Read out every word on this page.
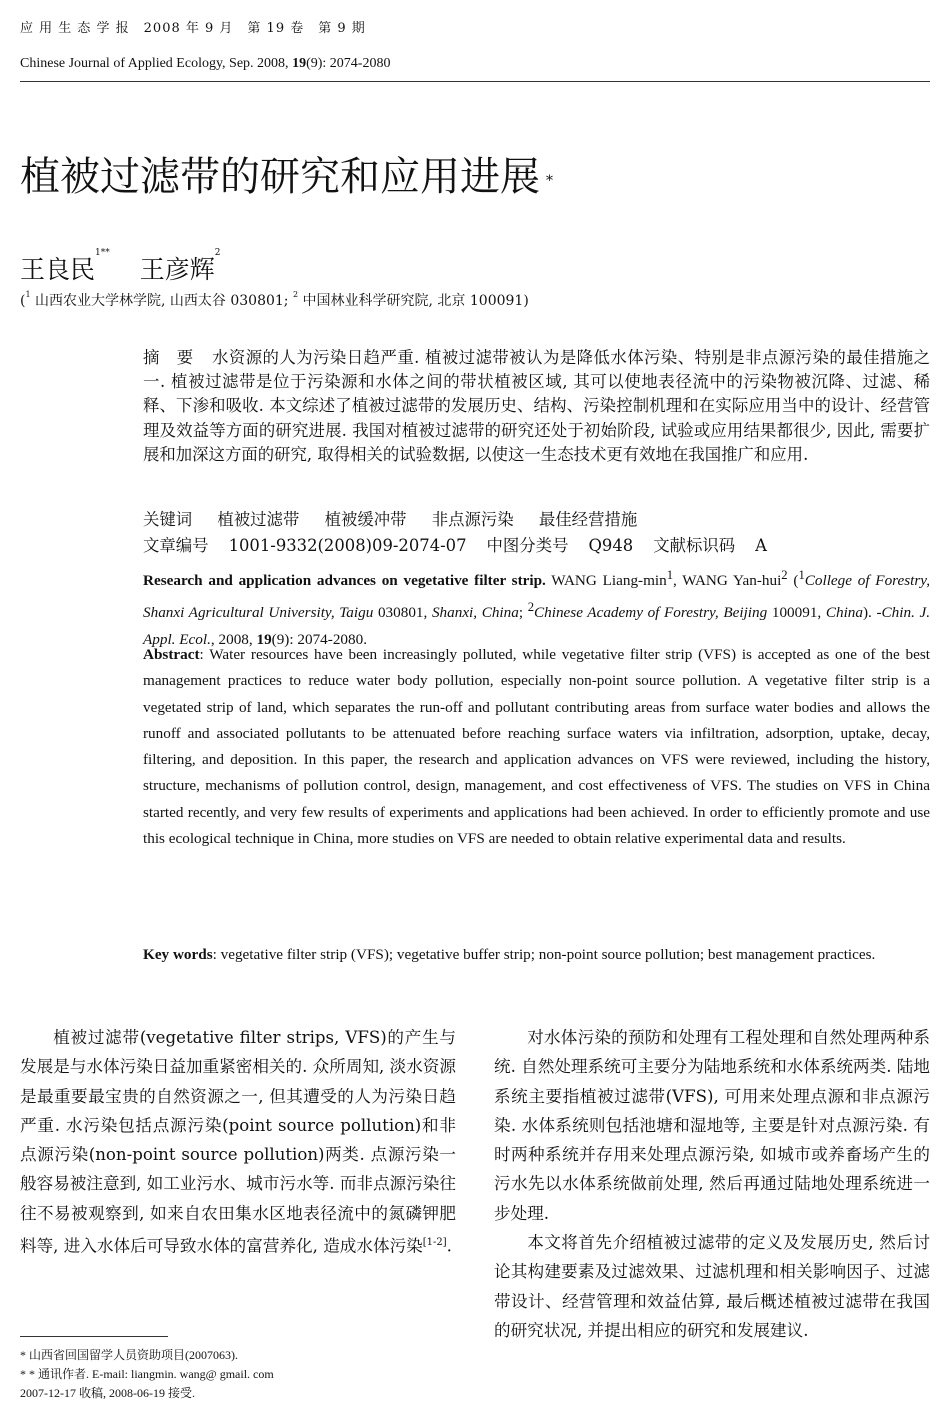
应 用 生 态 学 报　2008 年 9 月　第 19 卷　第 9 期
Chinese Journal of Applied Ecology, Sep. 2008, 19(9): 2074-2080
植被过滤带的研究和应用进展 *
王良民$^{1**}$王彦辉$^2$
($^1$ 山西农业大学林学院, 山西太谷 030801; $^2$ 中国林业科学研究院, 北京 100091)
摘　要 水资源的人为污染日趋严重. 植被过滤带被认为是降低水体污染、特别是非点源污染的最佳措施之一. 植被过滤带是位于污染源和水体之间的带状植被区域, 其可以使地表径流中的污染物被沉降、过滤、稀释、下渗和吸收. 本文综述了植被过滤带的发展历史、结构、污染控制机理和在实际应用当中的设计、经营管理及效益等方面的研究进展. 我国对植被过滤带的研究还处于初始阶段, 试验或应用结果都很少, 因此, 需要扩展和加深这方面的研究, 取得相关的试验数据, 以使这一生态技术更有效地在我国推广和应用.
关键词 植被过滤带 植被缓冲带 非点源污染 最佳经营措施
文章编号 1001-9332(2008)09-2074-07 中图分类号 Q948 文献标识码 A
Research and application advances on vegetative filter strip. WANG Liang-$\min^1$, WANG Yan-hui$^2$ ($^1$College of Forestry, Shanxi Agricultural University, Taigu 030801, Shanxi, China; $^2$Chinese Academy of Forestry, Beijing 100091, China). -Chin. J. Appl. Ecol., 2008, 19(9): 2074-2080.
Abstract: Water resources have been increasingly polluted, while vegetative filter strip (VFS) is accepted as one of the best management practices to reduce water body pollution, especially non-point source pollution. A vegetative filter strip is a vegetated strip of land, which separates the run-off and pollutant contributing areas from surface water bodies and allows the runoff and associated pollutants to be attenuated before reaching surface waters via infiltration, adsorption, uptake, decay, filtering, and deposition. In this paper, the research and application advances on VFS were reviewed, including the history, structure, mechanisms of pollution control, design, management, and cost effectiveness of VFS. The studies on VFS in China started recently, and very few results of experiments and applications had been achieved. In order to efficiently promote and use this ecological technique in China, more studies on VFS are needed to obtain relative experimental data and results.
Key words: vegetative filter strip (VFS); vegetative buffer strip; non-point source pollution; best management practices.

植被过滤带(vegetative filter strips, VFS)的产生与发展是与水体污染日益加重紧密相关的. 众所周知, 淡水资源是最重要最宝贵的自然资源之一, 但其遭受的人为污染日趋严重. 水污染包括点源污染(point source pollution)和非点源污染(non-point source pollution)两类. 点源污染一般容易被注意到, 如工业污水、城市污水等. 而非点源污染往往不易被观察到, 如来自农田集水区地表径流中的氮磷钾肥料等, 进入水体后可导致水体的富营养化, 造成水体污染[1-2].

对水体污染的预防和处理有工程处理和自然处理两种系统. 自然处理系统可主要分为陆地系统和水体系统两类. 陆地系统主要指植被过滤带(VFS), 可用来处理点源和非点源污染. 水体系统则包括池塘和湿地等, 主要是针对点源污染. 有时两种系统并存用来处理点源污染, 如城市或养畜场产生的污水先以水体系统做前处理, 然后再通过陆地处理系统进一步处理.

本文将首先介绍植被过滤带的定义及发展历史, 然后讨论其构建要素及过滤效果、过滤机理和相关影响因子、过滤带设计、经营管理和效益估算, 最后概述植被过滤带在我国的研究状况, 并提出相应的研究和发展建议.

* 山西省回国留学人员资助项目(2007063).
* * 通讯作者. E-mail: liangmin. wang@ gmail. com
2007-12-17 收稿, 2008-06-19 接受.
